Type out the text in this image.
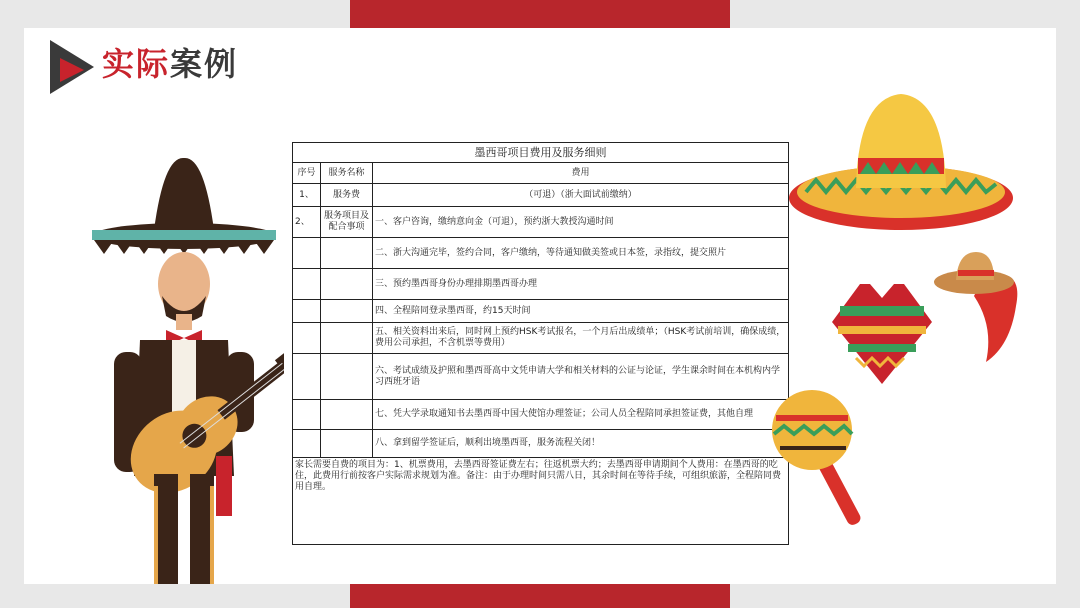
实际案例
墨西哥项目费用及服务细则		
序号	服务名称	费用
1、	服务费	（可退）（浙大面试前缴纳）
2、	服务项目及配合事项	一、客户咨询，缴纳意向金（可退），预约浙大教授沟通时间
		二、浙大沟通完毕，签约合同，客户缴纳，等待通知做美签或日本签，录指纹，提交照片
		三、预约墨西哥身份办理排期墨西哥办理
		四、全程陪同登录墨西哥，约15天时间
		五、相关资料出来后，同时网上预约HSK考试报名，一个月后出成绩单；（HSK考试前培训，确保成绩，费用公司承担，不含机票等费用）
		六、考试成绩及护照和墨西哥高中文凭申请大学和相关材料的公证与论证，学生课余时间在本机构内学习西班牙语
		七、凭大学录取通知书去墨西哥中国大使馆办理签证；公司人员全程陪同承担签证费，其他自理
		八、拿到留学签证后，顺利出境墨西哥，服务流程关闭！
家长需要自费的项目为：1、机票费用，去墨西哥签证费左右；往返机票大约；去墨西哥申请期间个人费用：在墨西哥的吃住，此费用行前按客户实际需求规划为准。备注：由于办理时间只需八日，其余时间在等待手续，可组织旅游，全程陪同费用自理。		
